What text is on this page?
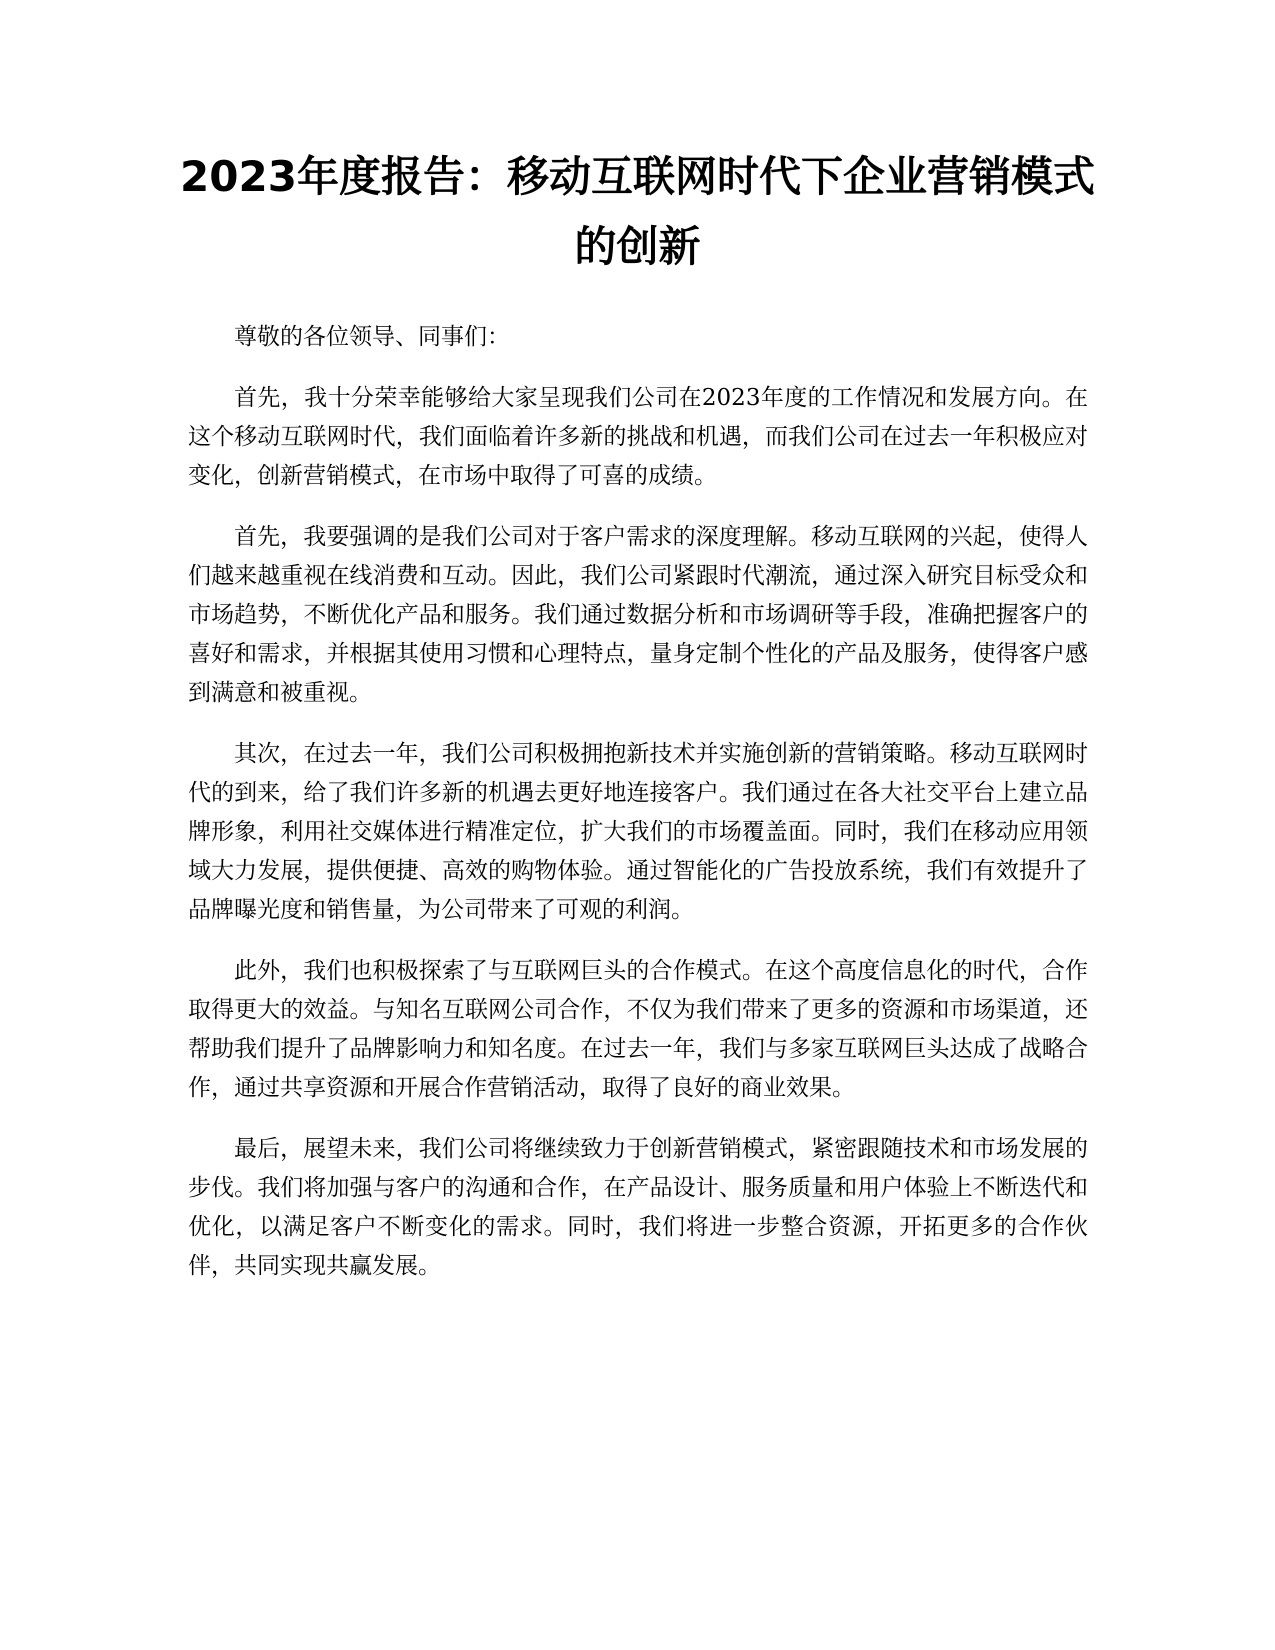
2023年度报告：移动互联网时代下企业营销模式的创新

尊敬的各位领导、同事们：

首先，我十分荣幸能够给大家呈现我们公司在2023年度的工作情况和发展方向。在这个移动互联网时代，我们面临着许多新的挑战和机遇，而我们公司在过去一年积极应对变化，创新营销模式，在市场中取得了可喜的成绩。

首先，我要强调的是我们公司对于客户需求的深度理解。移动互联网的兴起，使得人们越来越重视在线消费和互动。因此，我们公司紧跟时代潮流，通过深入研究目标受众和市场趋势，不断优化产品和服务。我们通过数据分析和市场调研等手段，准确把握客户的喜好和需求，并根据其使用习惯和心理特点，量身定制个性化的产品及服务，使得客户感到满意和被重视。

其次，在过去一年，我们公司积极拥抱新技术并实施创新的营销策略。移动互联网时代的到来，给了我们许多新的机遇去更好地连接客户。我们通过在各大社交平台上建立品牌形象，利用社交媒体进行精准定位，扩大我们的市场覆盖面。同时，我们在移动应用领域大力发展，提供便捷、高效的购物体验。通过智能化的广告投放系统，我们有效提升了品牌曝光度和销售量，为公司带来了可观的利润。

此外，我们也积极探索了与互联网巨头的合作模式。在这个高度信息化的时代，合作取得更大的效益。与知名互联网公司合作，不仅为我们带来了更多的资源和市场渠道，还帮助我们提升了品牌影响力和知名度。在过去一年，我们与多家互联网巨头达成了战略合作，通过共享资源和开展合作营销活动，取得了良好的商业效果。

最后，展望未来，我们公司将继续致力于创新营销模式，紧密跟随技术和市场发展的步伐。我们将加强与客户的沟通和合作，在产品设计、服务质量和用户体验上不断迭代和优化，以满足客户不断变化的需求。同时，我们将进一步整合资源，开拓更多的合作伙伴，共同实现共赢发展。
